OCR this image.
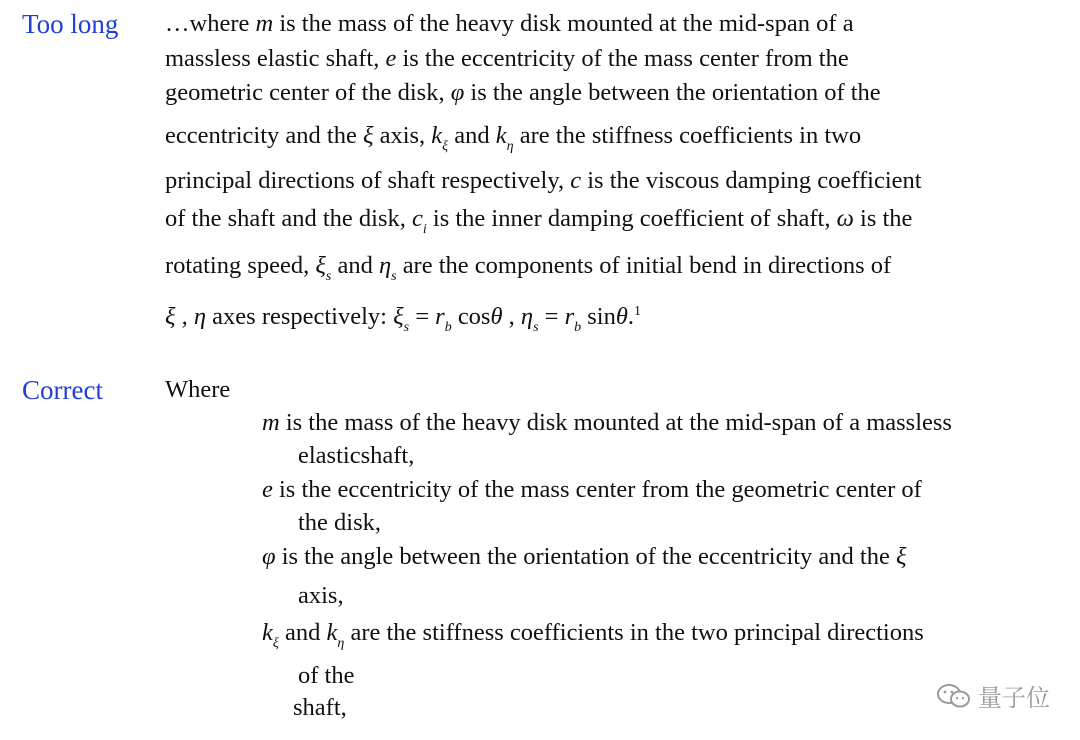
Too long
Correct
…where m is the mass of the heavy disk mounted at the mid-span of a
massless elastic shaft, e is the eccentricity of the mass center from the
geometric center of the disk, φ is the angle between the orientation of the
eccentricity and the ξ axis, $k_\xi$ and $k_\eta$ are the stiffness coefficients in two
principal directions of shaft respectively, c is the viscous damping coefficient
of the shaft and the disk, $c_i$ is the inner damping coefficient of shaft, ω is the
rotating speed, $\xi_s$ and $\eta_s$ are the components of initial bend in directions of
ξ , η axes respectively: $\xi_s = r_b$ cosθ , $\eta_s = r_b$ sinθ.$^1$
Where
m is the mass of the heavy disk mounted at the mid-span of a massless
elasticshaft,
e is the eccentricity of the mass center from the geometric center of
the disk,
φ is the angle between the orientation of the eccentricity and the ξ
axis,
$k_\xi$ and $k_\eta$ are the stiffness coefficients in the two principal directions
of the
shaft,	量子位
